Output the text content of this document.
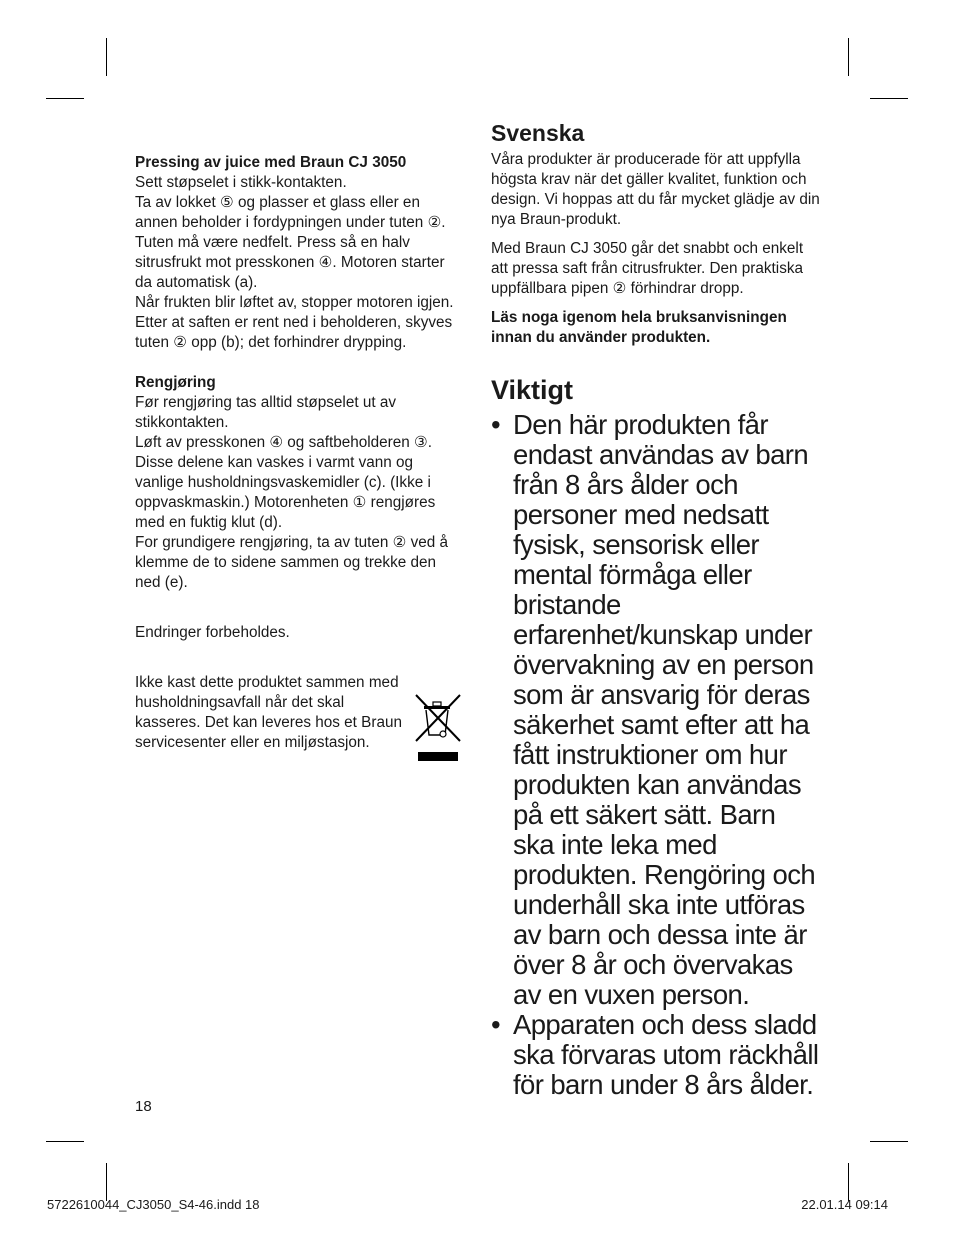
Pressing av juice med Braun CJ 3050

Sett støpselet i stikk-kontakten.

Ta av lokket ⑤ og plasser et glass eller en annen beholder i fordypningen under tuten ②. Tuten må være nedfelt. Press så en halv sitrusfrukt mot presskonen ④. Motoren starter da automatisk (a).

Når frukten blir løftet av, stopper motoren igjen. Etter at saften er rent ned i beholderen, skyves tuten ② opp (b); det forhindrer drypping.

Rengjøring

Før rengjøring tas alltid støpselet ut av stikkontakten.

Løft av presskonen ④ og saftbeholderen ③. Disse delene kan vaskes i varmt vann og vanlige husholdningsvaskemidler (c). (Ikke i oppvaskmaskin.) Motorenheten ① rengjøres med en fuktig klut (d).

For grundigere rengjøring, ta av tuten ② ved å klemme de to sidene sammen og trekke den ned (e).

Endringer forbeholdes.

Ikke kast dette produktet sammen med husholdningsavfall når det skal kasseres. Det kan leveres hos et Braun servicesenter eller en miljøstasjon.

Svenska

Våra produkter är producerade för att uppfylla högsta krav när det gäller kvalitet, funktion och design. Vi hoppas att du får mycket glädje av din nya Braun-produkt.

Med Braun CJ 3050 går det snabbt och enkelt att pressa saft från citrusfrukter. Den praktiska uppfällbara pipen ② förhindrar dropp.

Läs noga igenom hela bruksanvisningen innan du använder produkten.

Viktigt
• Den här produkten får endast användas av barn från 8 års ålder och personer med nedsatt fysisk, sensorisk eller mental förmåga eller bristande erfarenhet/kunskap under övervakning av en person som är ansvarig för deras säkerhet samt efter att ha fått instruktioner om hur produkten kan användas på ett säkert sätt. Barn ska inte leka med produkten. Rengöring och underhåll ska inte utföras av barn och dessa inte är över 8 år och övervakas av en vuxen person.
• Apparaten och dess sladd ska förvaras utom räckhåll för barn under 8 års ålder.
18
5722610044_CJ3050_S4-46.indd 18	22.01.14 09:14
